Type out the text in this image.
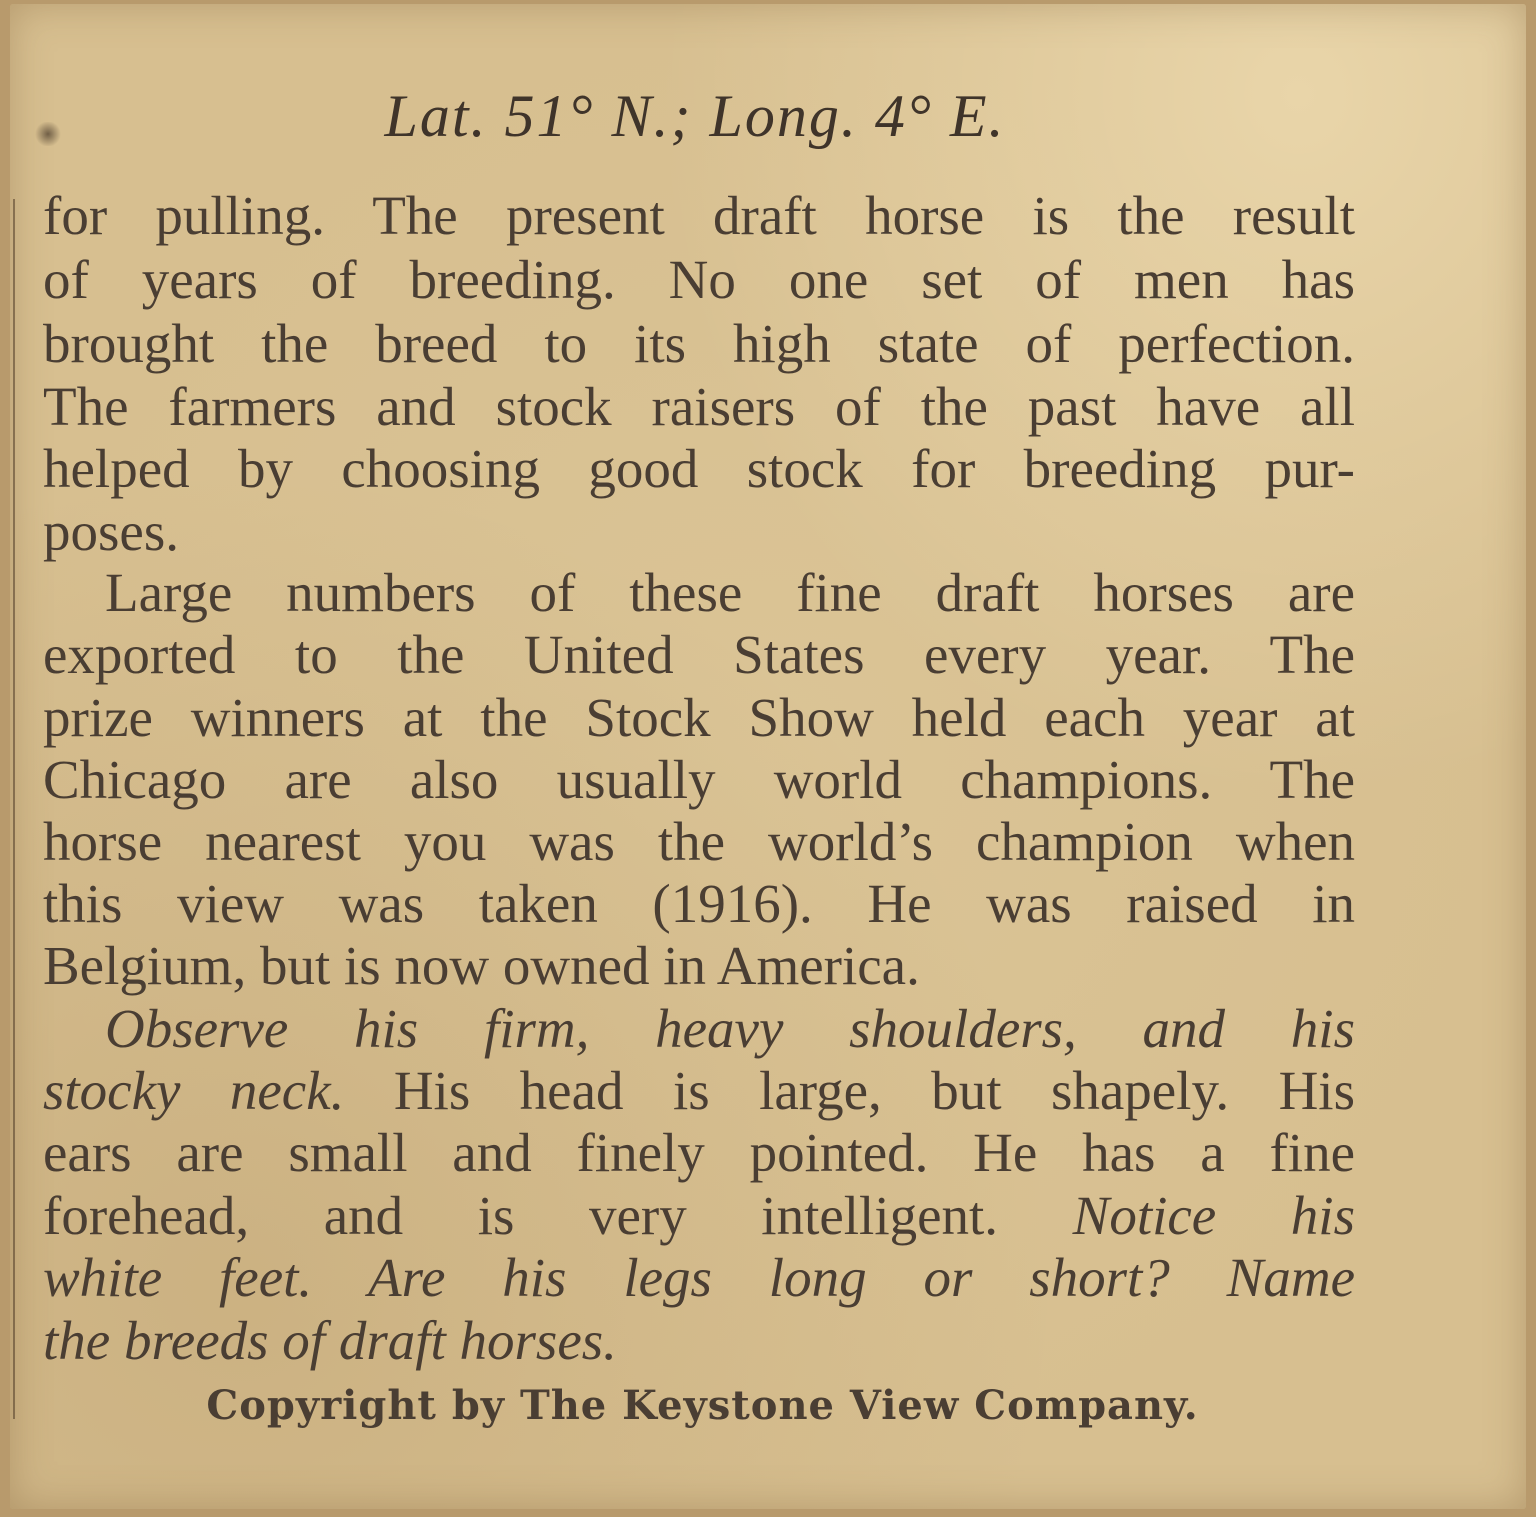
Lat. 51° N.; Long. 4° E.
for pulling. The present draft horse is the result
of years of breeding. No one set of men has
brought the breed to its high state of perfection.
The farmers and stock raisers of the past have all
helped by choosing good stock for breeding pur-
poses.
Large numbers of these fine draft horses are
exported to the United States every year. The
prize winners at the Stock Show held each year at
Chicago are also usually world champions. The
horse nearest you was the world’s champion when
this view was taken (1916). He was raised in
Belgium, but is now owned in America.
Observe his firm, heavy shoulders, and his
stocky neck. His head is large, but shapely. His
ears are small and finely pointed. He has a fine
forehead, and is very intelligent. Notice his
white feet. Are his legs long or short? Name
the breeds of draft horses.
Copyright by The Keystone View Company.
